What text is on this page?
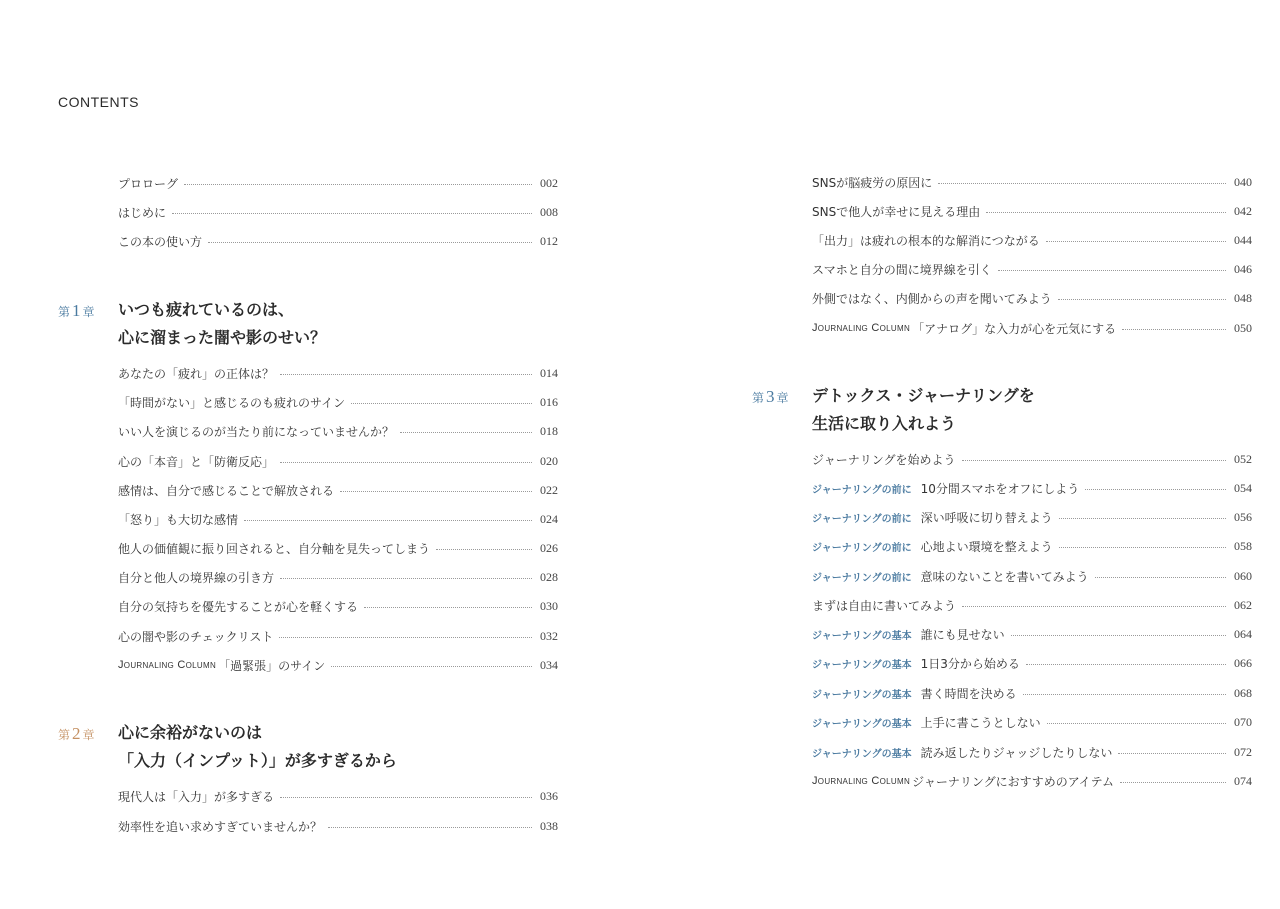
CONTENTS
プロローグ	002
はじめに	008
この本の使い方	012
第 1 章	いつも疲れているのは、
心に溜まった闇や影のせい？
あなたの「疲れ」の正体は？	014
「時間がない」と感じるのも疲れのサイン	016
いい人を演じるのが当たり前になっていませんか？	018
心の「本音」と「防衛反応」	020
感情は、自分で感じることで解放される	022
「怒り」も大切な感情	024
他人の価値観に振り回されると、自分軸を見失ってしまう	026
自分と他人の境界線の引き方	028
自分の気持ちを優先することが心を軽くする	030
心の闇や影のチェックリスト	032
Journaling Column 「過緊張」のサイン	034
第 2 章	心に余裕がないのは
「入力（インプット）」が多すぎるから
現代人は「入力」が多すぎる	036
効率性を追い求めすぎていませんか？	038
SNSが脳疲労の原因に	040
SNSで他人が幸せに見える理由	042
「出力」は疲れの根本的な解消につながる	044
スマホと自分の間に境界線を引く	046
外側ではなく、内側からの声を聞いてみよう	048
Journaling Column 「アナログ」な入力が心を元気にする	050
第 3 章	デトックス・ジャーナリングを
生活に取り入れよう
ジャーナリングを始めよう	052
ジャーナリングの前に 10分間スマホをオフにしよう	054
ジャーナリングの前に 深い呼吸に切り替えよう	056
ジャーナリングの前に 心地よい環境を整えよう	058
ジャーナリングの前に 意味のないことを書いてみよう	060
まずは自由に書いてみよう	062
ジャーナリングの基本 誰にも見せない	064
ジャーナリングの基本 1日3分から始める	066
ジャーナリングの基本 書く時間を決める	068
ジャーナリングの基本 上手に書こうとしない	070
ジャーナリングの基本 読み返したりジャッジしたりしない	072
Journaling Column ジャーナリングにおすすめのアイテム	074
